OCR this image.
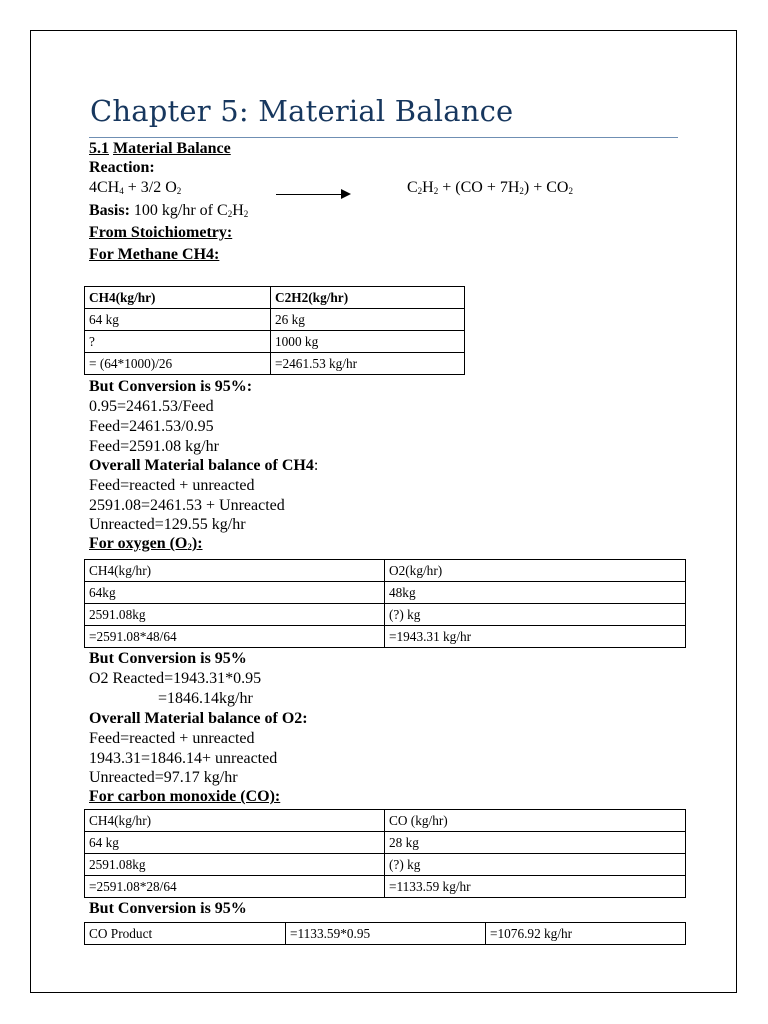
Chapter 5: Material Balance
5.1 Material Balance
Reaction:
$4CH_4 + 3/2$ $O_2$	$C_2H_2 + (CO + 7H_2) + CO_2$
Basis: 100 kg/hr of $C_2H_2$
From Stoichiometry:
For Methane CH4:
CH4(kg/hr)	C2H2(kg/hr)
64 kg	26 kg
?	1000 kg
= (64*1000)/26	=2461.53 kg/hr
But Conversion is 95%:
0.95=2461.53/Feed
Feed=2461.53/0.95
Feed=2591.08 kg/hr
Overall Material balance of CH4:
Feed=reacted + unreacted
2591.08=2461.53 + Unreacted
Unreacted=129.55 kg/hr
For oxygen $(O_2)$:
CH4(kg/hr)	O2(kg/hr)
64kg	48kg
2591.08kg	(?) kg
=2591.08*48/64	=1943.31 kg/hr
But Conversion is 95%
O2 Reacted=1943.31*0.95
=1846.14kg/hr
Overall Material balance of O2:
Feed=reacted + unreacted
1943.31=1846.14+ unreacted
Unreacted=97.17 kg/hr
For carbon monoxide (CO):
CH4(kg/hr)	CO (kg/hr)
64 kg	28 kg
2591.08kg	(?) kg
=2591.08*28/64	=1133.59 kg/hr
But Conversion is 95%
CO Product	=1133.59*0.95	=1076.92 kg/hr
